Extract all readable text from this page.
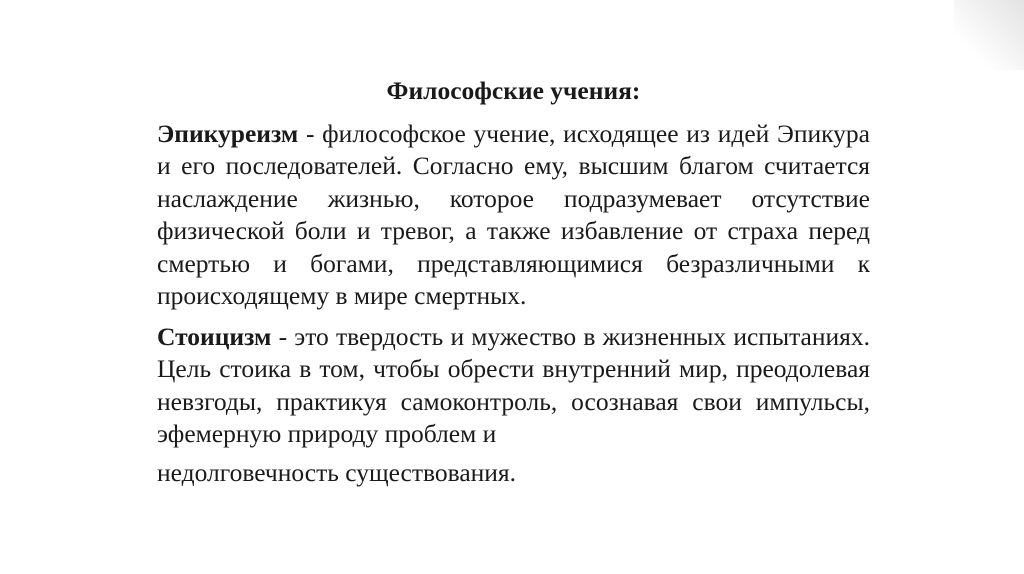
Философские учения:

Эпикуреизм - философское учение, исходящее из идей Эпикура и его последователей. Согласно ему, высшим благом считается наслаждение жизнью, которое подразумевает отсутствие физической боли и тревог, а также избавление от страха перед смертью и богами, представляющимися безразличными к происходящему в мире смертных.

Стоицизм - это твердость и мужество в жизненных испытаниях. Цель стоика в том, чтобы обрести внутренний мир, преодолевая невзгоды, практикуя самоконтроль, осознавая свои импульсы, эфемерную природу проблем и
недолговечность существования.
